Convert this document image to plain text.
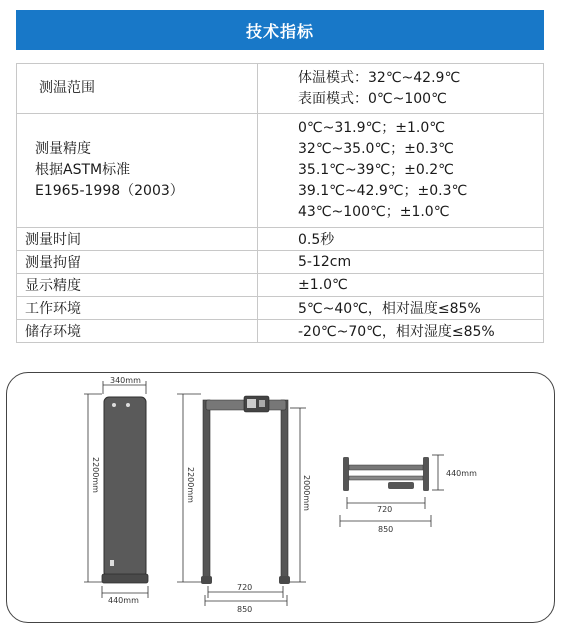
技术指标
测温范围	体温模式：32℃~42.9℃
表面模式：0℃~100℃

测量精度
根据ASTM标准
E1965-1998（2003）	0℃~31.9℃；±1.0℃
32℃~35.0℃；±0.3℃
35.1℃~39℃；±0.2℃
39.1℃~42.9℃；±0.3℃
43℃~100℃；±1.0℃

测量时间	0.5秒
测量拘留	5-12cm
显示精度	±1.0℃
工作环境	5℃~40℃，相对温度≤85%
储存环境	-20℃~70℃，相对湿度≤85%
340mm
2200mm
440mm
2200mm	2000mm
720
850
440mm
720
850
